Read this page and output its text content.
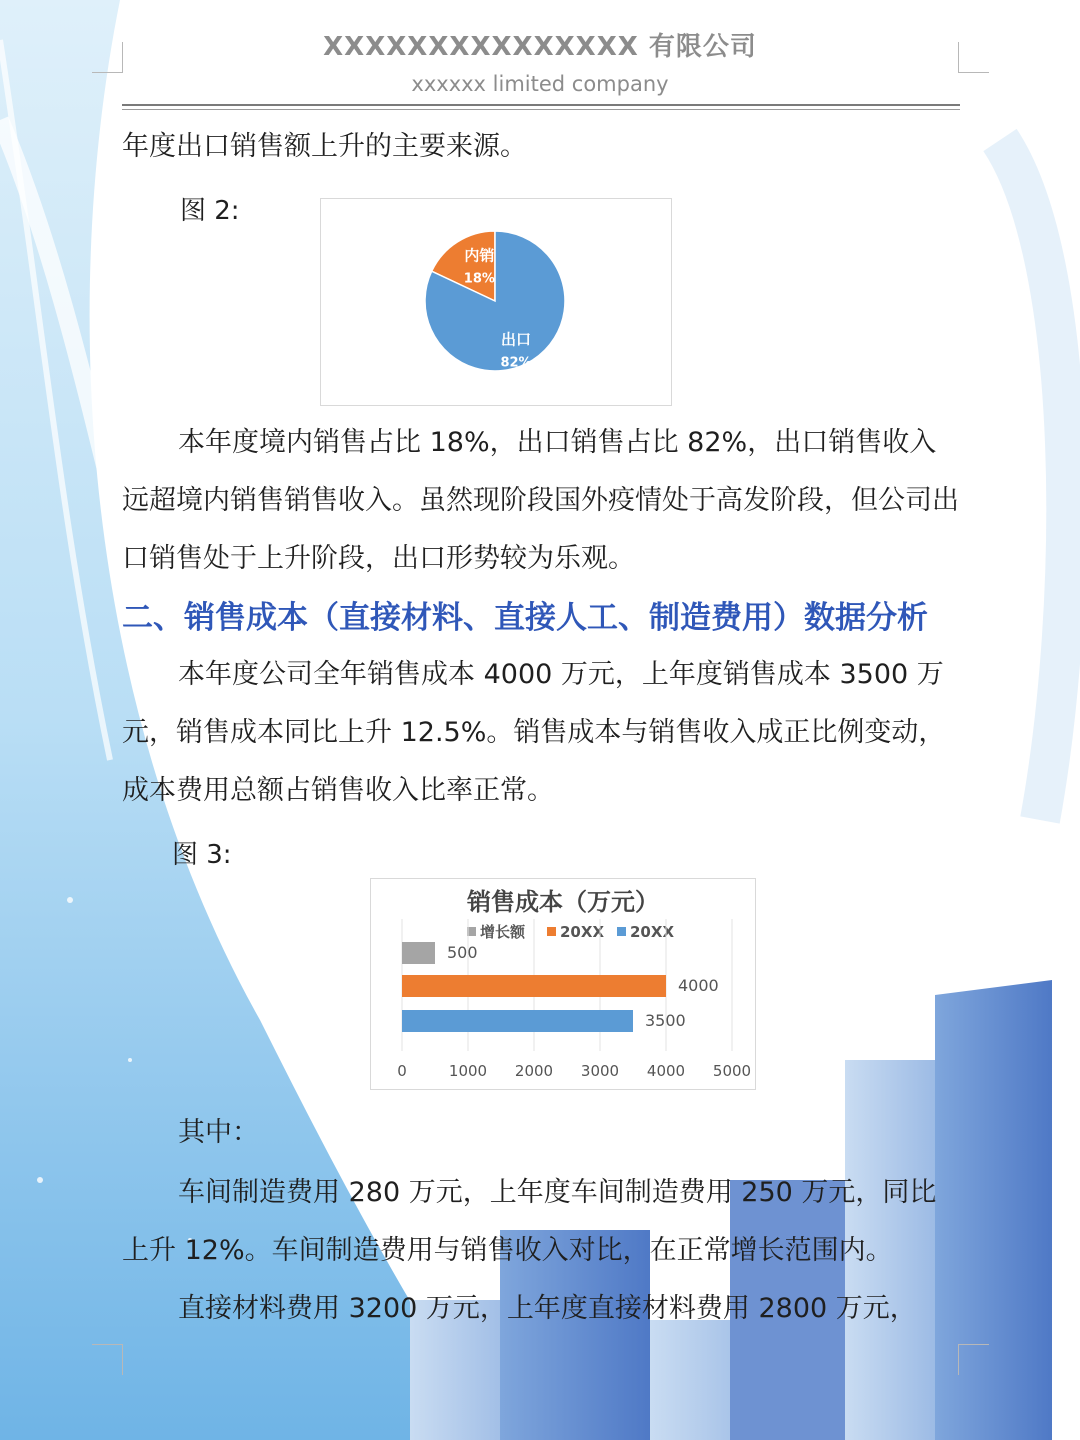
XXXXXXXXXXXXXXX 有限公司
xxxxxx limited company
年度出口销售额上升的主要来源。
图 2:
内销
18%
出口
82%
本年度境内销售占比 18%，出口销售占比 82%，出口销售收入远超境内销售销售收入。虽然现阶段国外疫情处于高发阶段，但公司出口销售处于上升阶段，出口形势较为乐观。
二、销售成本（直接材料、直接人工、制造费用）数据分析
本年度公司全年销售成本 4000 万元，上年度销售成本 3500 万元，销售成本同比上升 12.5%。销售成本与销售收入成正比例变动，成本费用总额占销售收入比率正常。
图 3:
销售成本（万元）
增长额 20XX 20XX
0	1000 2000 3000 4000 5000
500
4000
3500
其中：
车间制造费用 280 万元，上年度车间制造费用 250 万元，同比上升 12%。车间制造费用与销售收入对比，在正常增长范围内。
直接材料费用 3200 万元，上年度直接材料费用 2800 万元，
